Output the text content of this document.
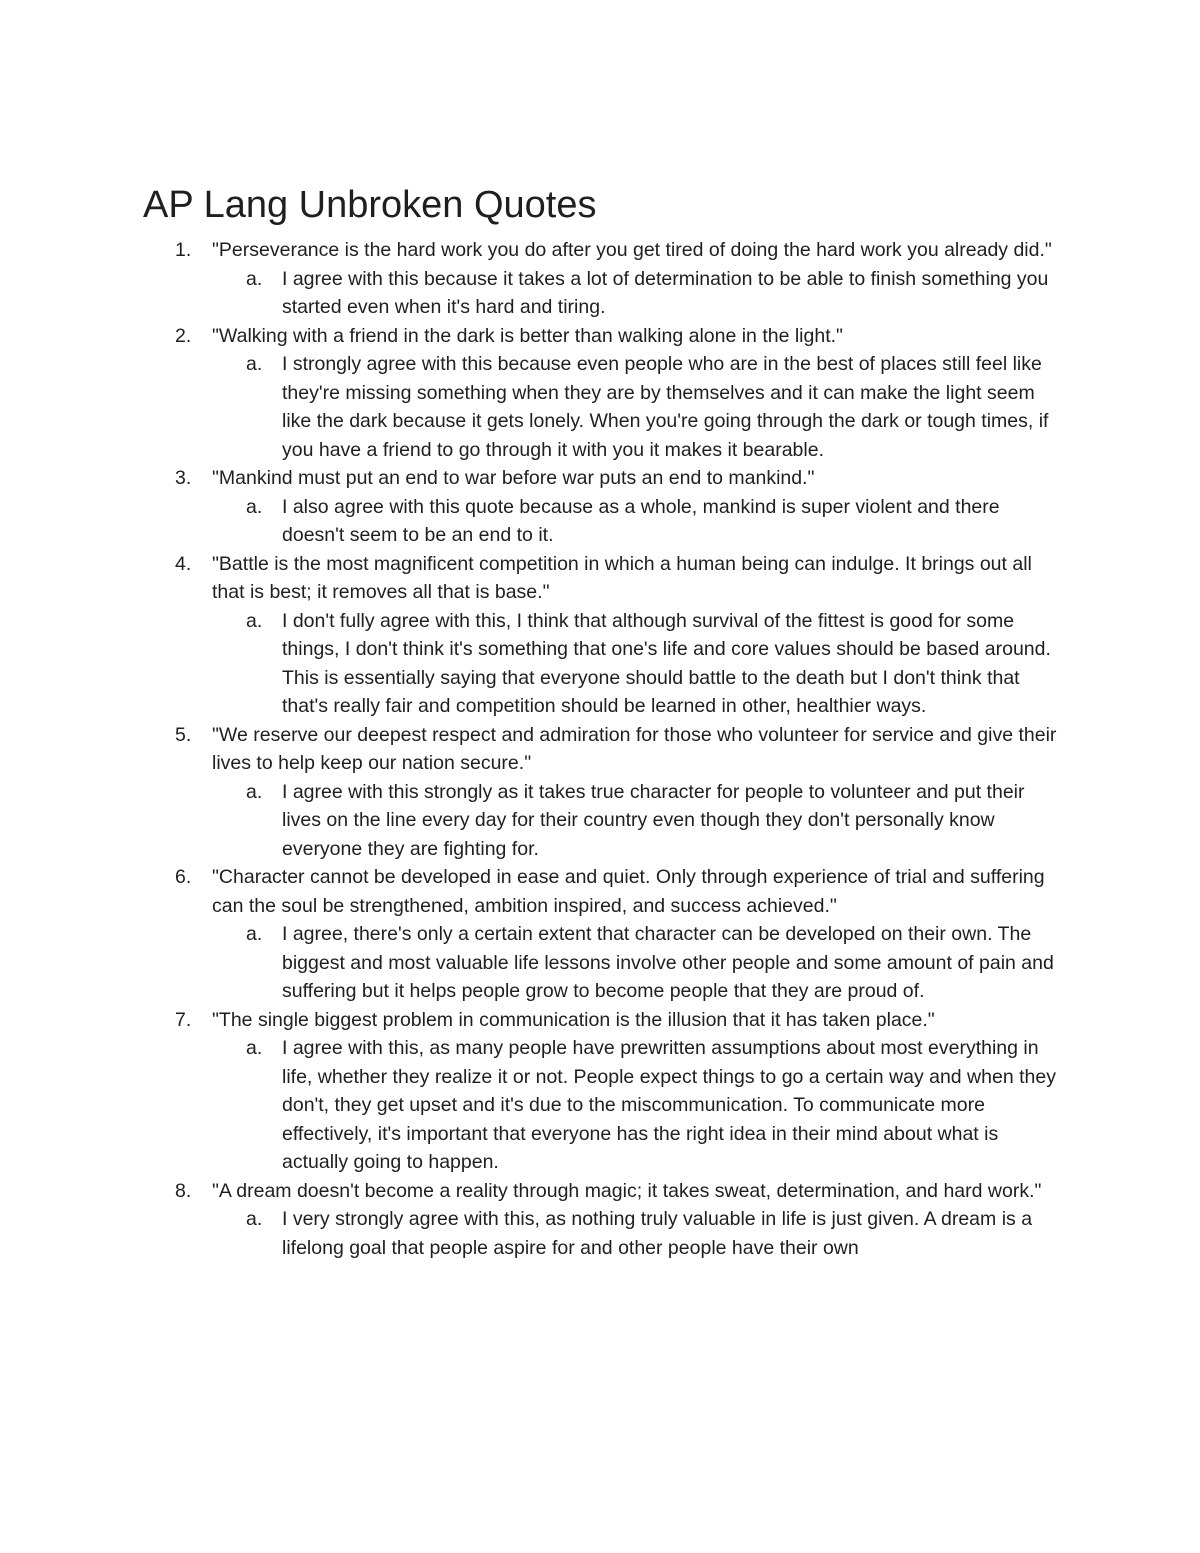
AP Lang Unbroken Quotes
1. "Perseverance is the hard work you do after you get tired of doing the hard work you already did."
a. I agree with this because it takes a lot of determination to be able to finish something you started even when it's hard and tiring.
2. "Walking with a friend in the dark is better than walking alone in the light."
a. I strongly agree with this because even people who are in the best of places still feel like they're missing something when they are by themselves and it can make the light seem like the dark because it gets lonely. When you're going through the dark or tough times, if you have a friend to go through it with you it makes it bearable.
3. "Mankind must put an end to war before war puts an end to mankind."
a. I also agree with this quote because as a whole, mankind is super violent and there doesn't seem to be an end to it.
4. "Battle is the most magnificent competition in which a human being can indulge. It brings out all that is best; it removes all that is base."
a. I don't fully agree with this, I think that although survival of the fittest is good for some things, I don't think it's something that one's life and core values should be based around. This is essentially saying that everyone should battle to the death but I don't think that that's really fair and competition should be learned in other, healthier ways.
5. "We reserve our deepest respect and admiration for those who volunteer for service and give their lives to help keep our nation secure."
a. I agree with this strongly as it takes true character for people to volunteer and put their lives on the line every day for their country even though they don't personally know everyone they are fighting for.
6. "Character cannot be developed in ease and quiet. Only through experience of trial and suffering can the soul be strengthened, ambition inspired, and success achieved."
a. I agree, there's only a certain extent that character can be developed on their own. The biggest and most valuable life lessons involve other people and some amount of pain and suffering but it helps people grow to become people that they are proud of.
7. "The single biggest problem in communication is the illusion that it has taken place."
a. I agree with this, as many people have prewritten assumptions about most everything in life, whether they realize it or not. People expect things to go a certain way and when they don't, they get upset and it's due to the miscommunication. To communicate more effectively, it's important that everyone has the right idea in their mind about what is actually going to happen.
8. "A dream doesn't become a reality through magic; it takes sweat, determination, and hard work."
a. I very strongly agree with this, as nothing truly valuable in life is just given. A dream is a lifelong goal that people aspire for and other people have their own
